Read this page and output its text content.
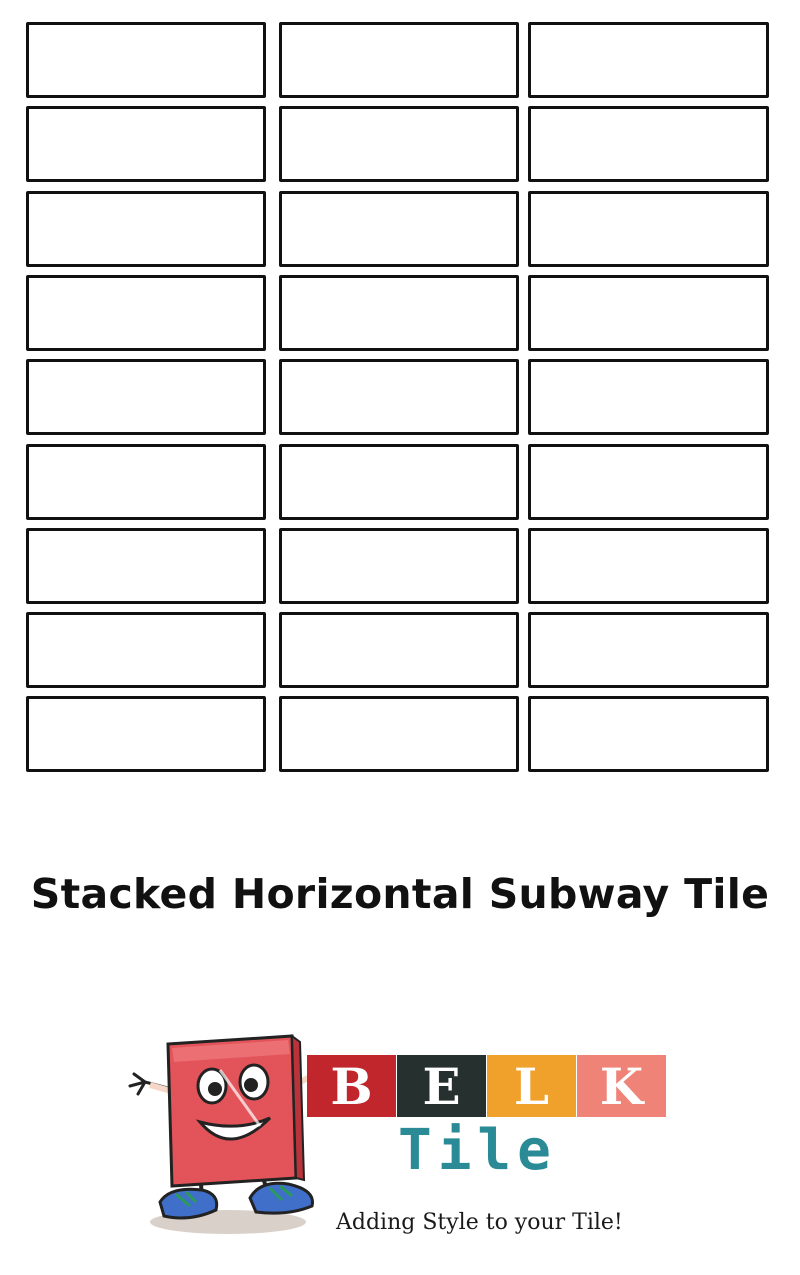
Stacked Horizontal Subway Tile
B E	L	K
Tile
Adding Style to your Tile!
